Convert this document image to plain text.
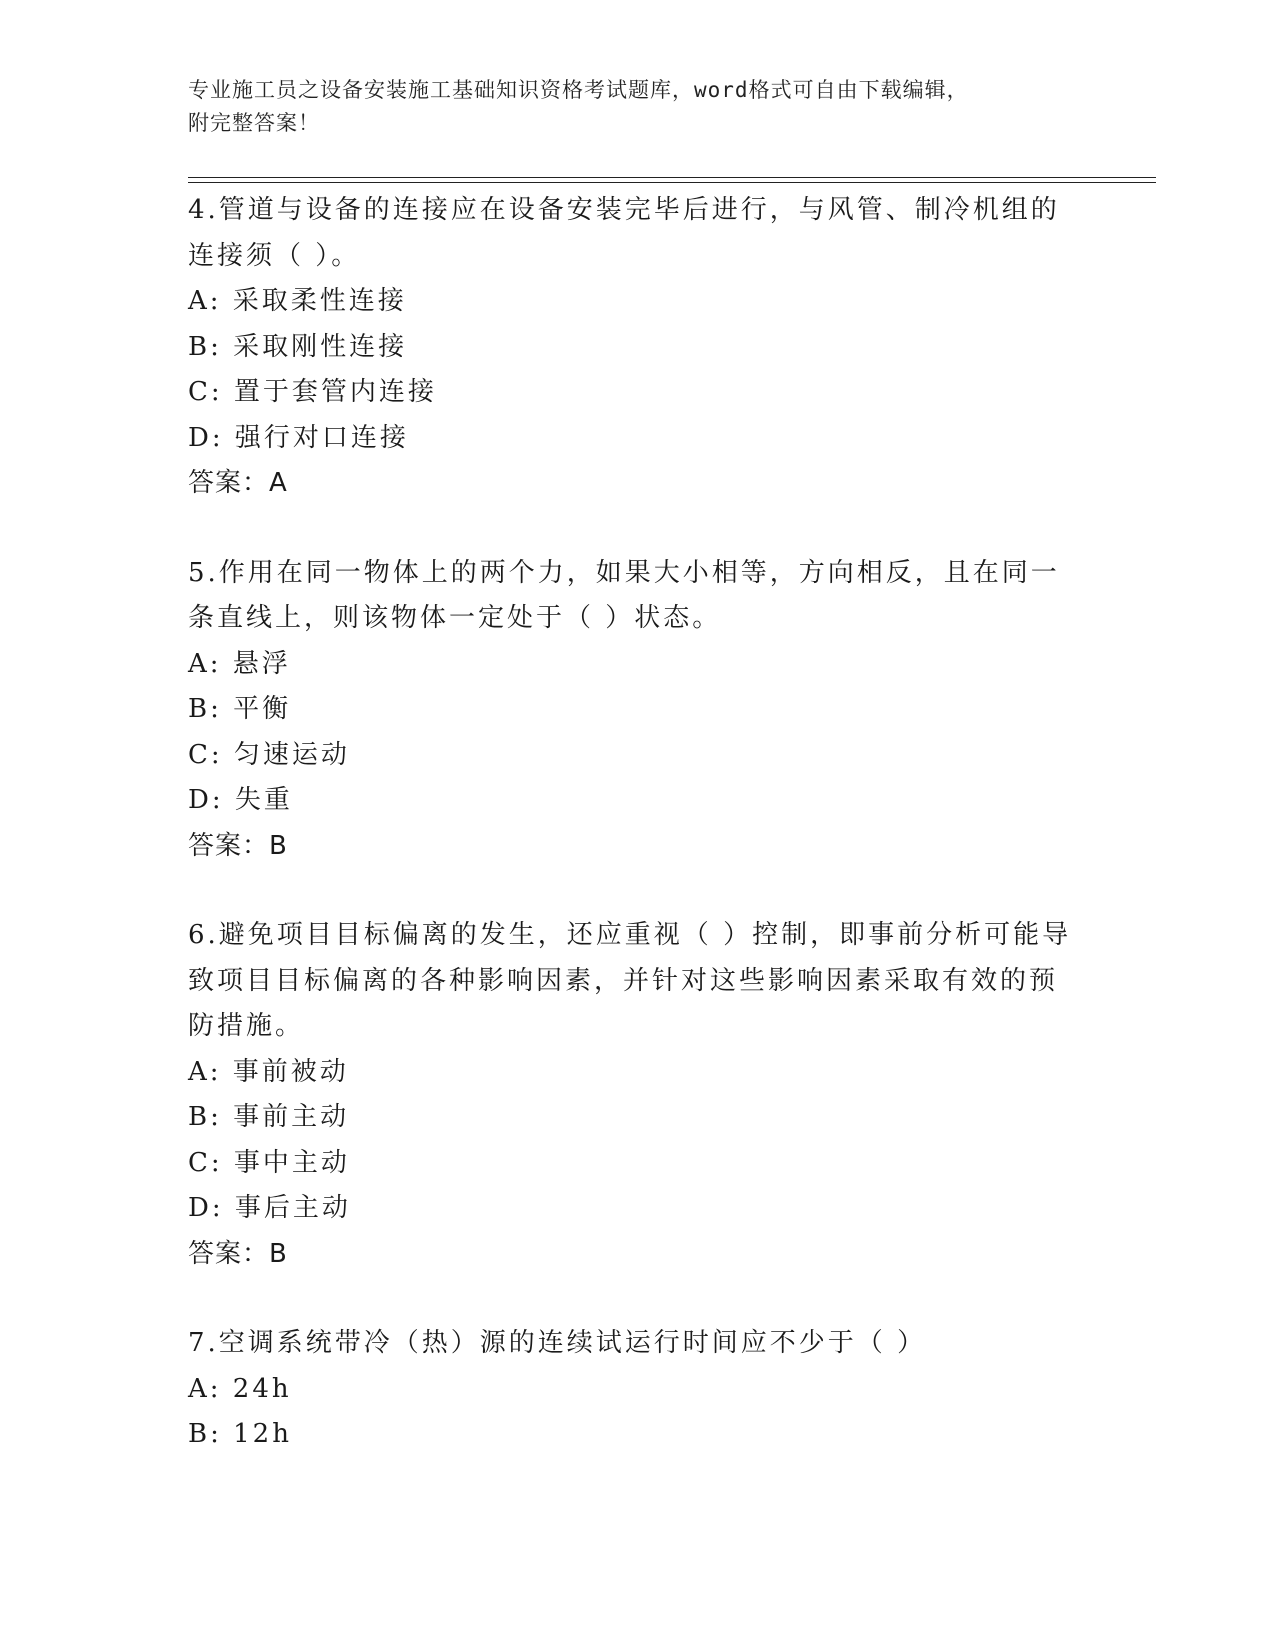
专业施工员之设备安装施工基础知识资格考试题库，word格式可自由下载编辑，
附完整答案！

4.管道与设备的连接应在设备安装完毕后进行，与风管、制冷机组的

连接须（ ）。

A: 采取柔性连接

B: 采取刚性连接

C: 置于套管内连接

D: 强行对口连接

答案：A

5.作用在同一物体上的两个力，如果大小相等，方向相反，且在同一

条直线上，则该物体一定处于（ ）状态。

A: 悬浮

B: 平衡

C: 匀速运动

D: 失重

答案：B

6.避免项目目标偏离的发生，还应重视（ ）控制，即事前分析可能导

致项目目标偏离的各种影响因素，并针对这些影响因素采取有效的预

防措施。

A: 事前被动

B: 事前主动

C: 事中主动

D: 事后主动

答案：B

7.空调系统带冷（热）源的连续试运行时间应不少于（ ）

A: 24h

B: 12h
